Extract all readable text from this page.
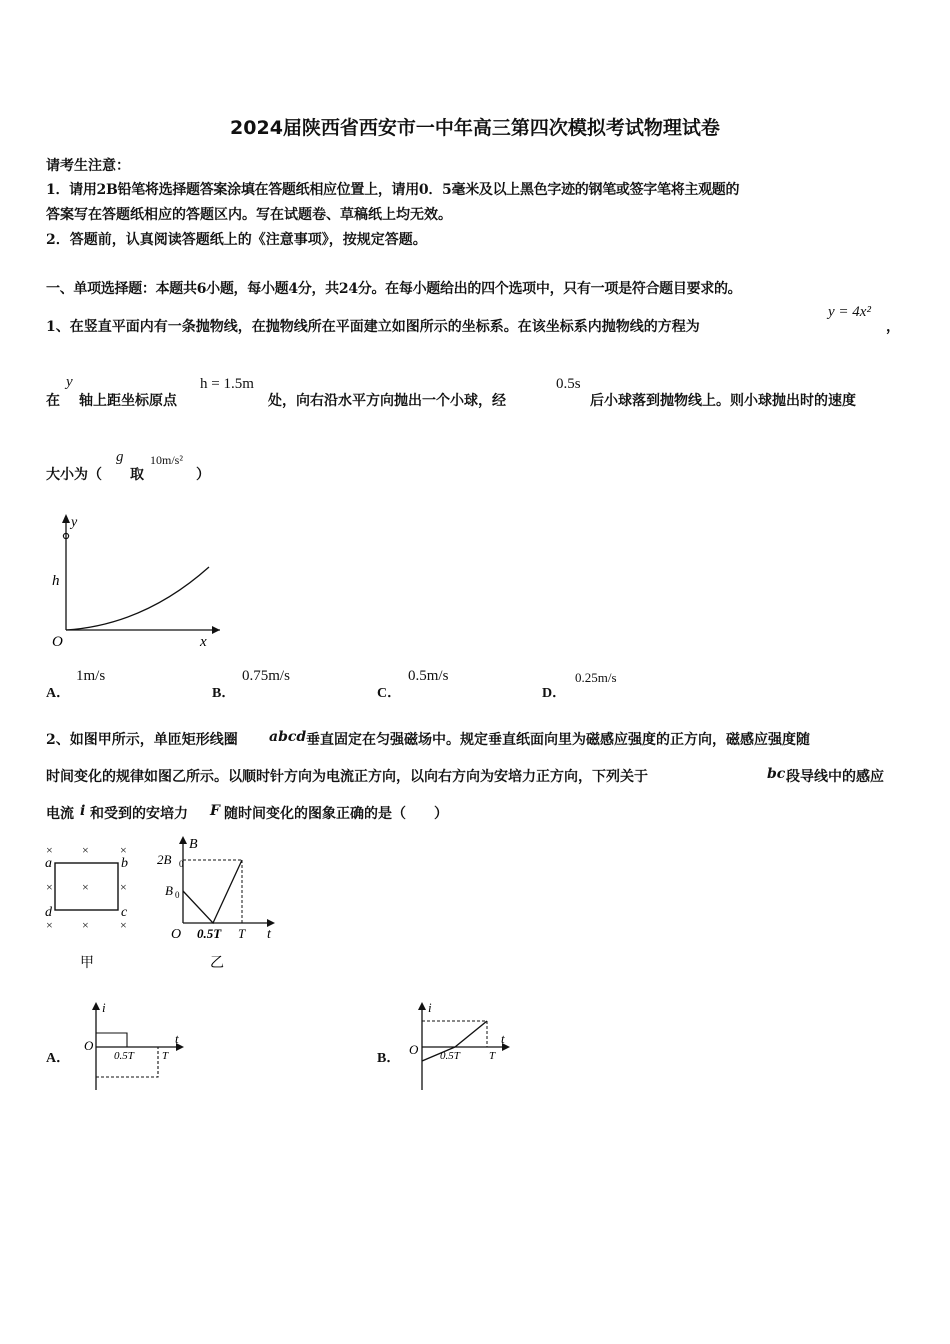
2024届陕西省西安市一中年高三第四次模拟考试物理试卷
请考生注意：
1．请用2B铅笔将选择题答案涂填在答题纸相应位置上，请用0．5毫米及以上黑色字迹的钢笔或签字笔将主观题的
答案写在答题纸相应的答题区内。写在试题卷、草稿纸上均无效。
2．答题前，认真阅读答题纸上的《注意事项》，按规定答题。
一、单项选择题：本题共6小题，每小题4分，共24分。在每小题给出的四个选项中，只有一项是符合题目要求的。
1、在竖直平面内有一条抛物线，在抛物线所在平面建立如图所示的坐标系。在该坐标系内抛物线的方程为
y = 4x²
，
在
y
轴上距坐标原点
h = 1.5m
处，向右沿水平方向抛出一个小球，经
0.5s
后小球落到抛物线上。则小球抛出时的速度
大小为（
g
取
10m/s²
）
y
h
O	x
A．
1m/s
B．
0.75m/s
C．
0.5m/s
D．
0.25m/s
2、如图甲所示，单匝矩形线圈 abcd 垂直固定在匀强磁场中。规定垂直纸面向里为磁感应强度的正方向，磁感应强度随
时间变化的规律如图乙所示。以顺时针方向为电流正方向，以向右方向为安培力正方向，下列关于	bc 段导线中的感应
电流 i 和受到的安培力 F 随时间变化的图象正确的是（　　）
× ×	×
× ×	×
× ×	×
a	b
c
d
甲
B
2B 0
B 0
O 0.5T T t
乙
A．
i
O
0.5T	T
t
B．
i
O 0.5T	T
t
